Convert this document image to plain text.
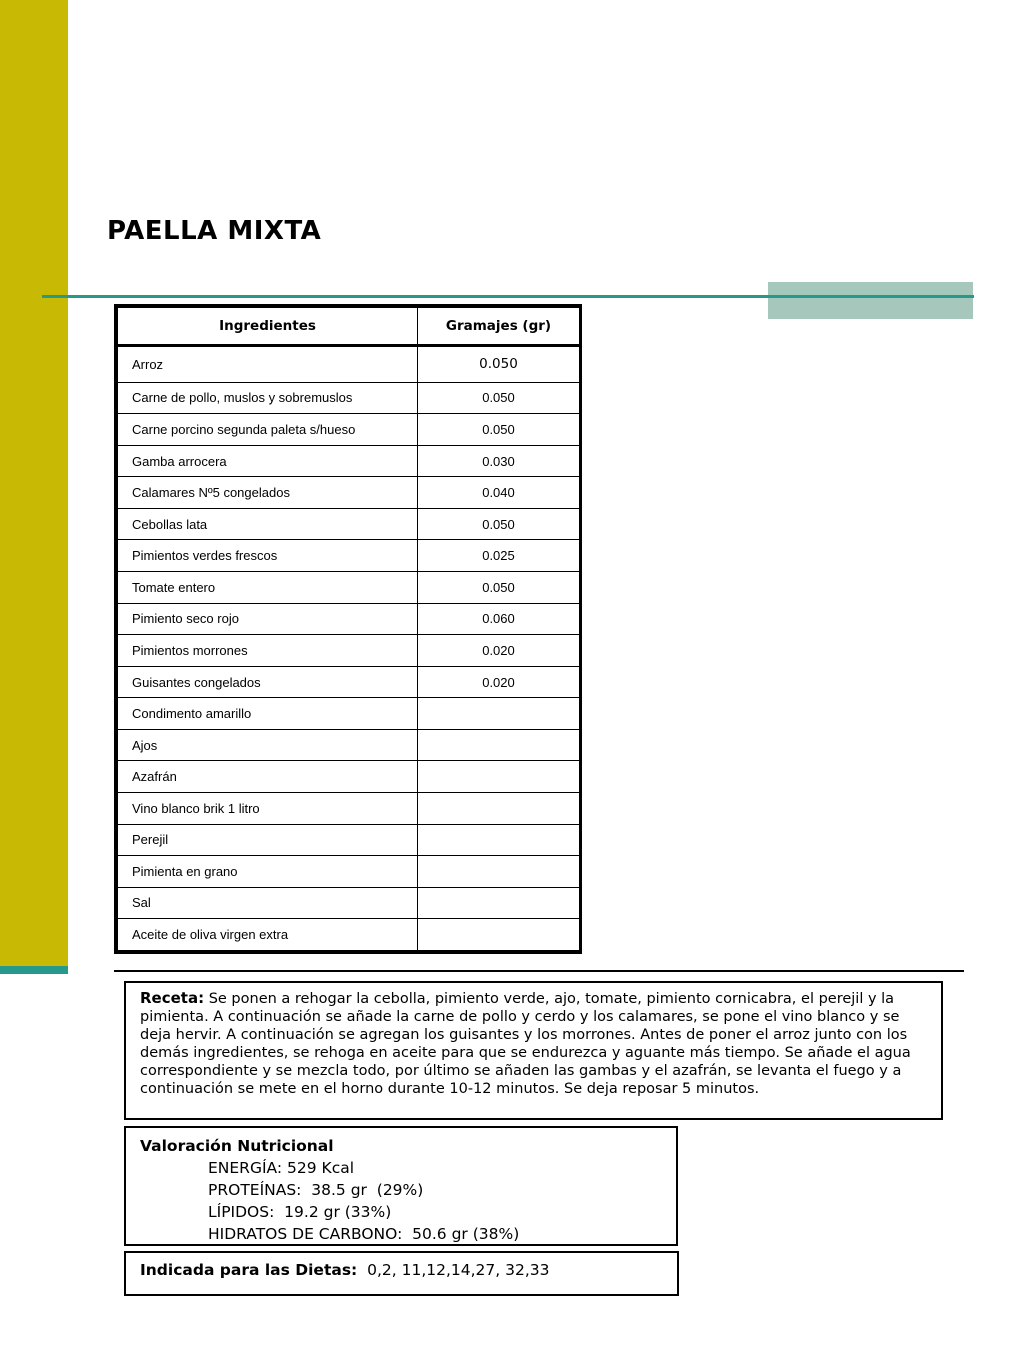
PAELLA MIXTA
Ingredientes	Gramajes (gr)
Arroz	0.050
Carne de pollo, muslos y sobremuslos	0.050
Carne porcino segunda paleta s/hueso	0.050
Gamba arrocera	0.030
Calamares Nº5 congelados	0.040
Cebollas lata	0.050
Pimientos verdes frescos	0.025
Tomate entero	0.050
Pimiento seco rojo	0.060
Pimientos morrones	0.020
Guisantes congelados	0.020
Condimento amarillo	
Ajos	
Azafrán	
Vino blanco brik 1 litro	
Perejil	
Pimienta en grano	
Sal	
Aceite de oliva virgen extra	
Receta: Se ponen a rehogar la cebolla, pimiento verde, ajo, tomate, pimiento cornicabra, el perejil y la pimienta. A continuación se añade la carne de pollo y cerdo y los calamares, se pone el vino blanco y se deja hervir. A continuación se agregan los guisantes y los morrones. Antes de poner el arroz junto con los demás ingredientes, se rehoga en aceite para que se endurezca y aguante más tiempo. Se añade el agua correspondiente y se mezcla todo, por último se añaden las gambas y el azafrán, se levanta el fuego y a continuación se mete en el horno durante 10-12 minutos. Se deja reposar 5 minutos.
Valoración Nutricional
ENERGÍA: 529 Kcal
PROTEÍNAS:  38.5 gr  (29%)
LÍPIDOS:  19.2 gr (33%)
HIDRATOS DE CARBONO:  50.6 gr (38%)
Indicada para las Dietas:  0,2, 11,12,14,27, 32,33
